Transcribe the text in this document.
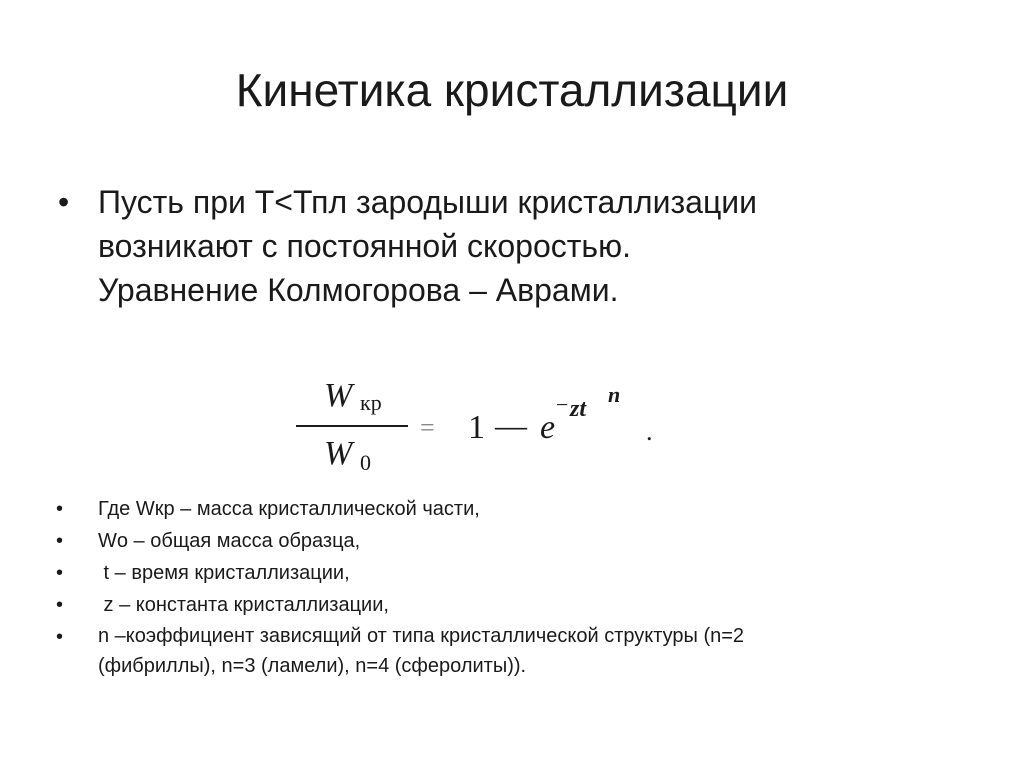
Кинетика кристаллизации
• Пусть при Т<Тпл зародыши кристаллизации
возникают с постоянной скоростью.
Уравнение Колмогорова – Аврами.
W кр
W 0
= 1 — e
− zt
n
.
• Где Wкр – масса кристаллической части,
• Wо – общая масса образца,
• t – время кристаллизации,
• z – константа кристаллизации,
• n –коэффициент зависящий от типа кристаллической структуры (n=2
(фибриллы), n=3 (ламели), n=4 (сферолиты)).
